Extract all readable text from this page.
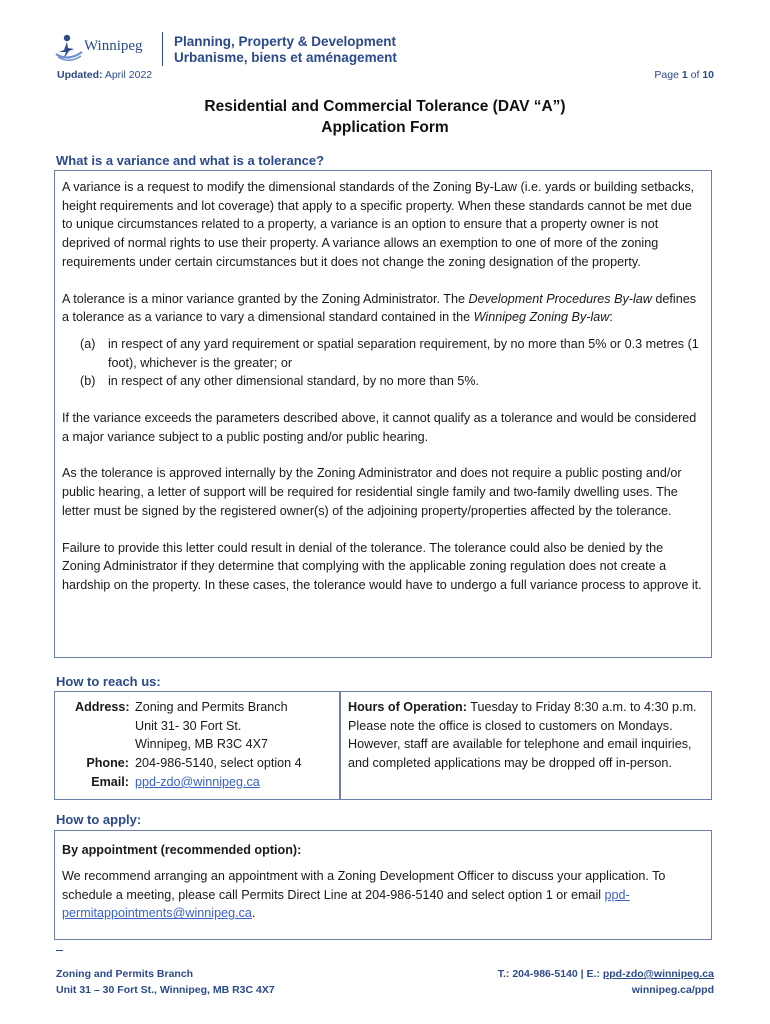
Winnipeg Planning, Property & Development
Urbanisme, biens et aménagement
Updated: April 2022	Page 1 of 10
Residential and Commercial Tolerance (DAV “A”)
Application Form
What is a variance and what is a tolerance?

A variance is a request to modify the dimensional standards of the Zoning By-Law (i.e. yards or building setbacks, height requirements and lot coverage) that apply to a specific property. When these standards cannot be met due to unique circumstances related to a property, a variance is an option to ensure that a property owner is not deprived of normal rights to use their property. A variance allows an exemption to one of more of the zoning requirements under certain circumstances but it does not change the zoning designation of the property.

A tolerance is a minor variance granted by the Zoning Administrator. The Development Procedures By-law defines a tolerance as a variance to vary a dimensional standard contained in the Winnipeg Zoning By-law:

(a) in respect of any yard requirement or spatial separation requirement, by no more than 5% or 0.3 metres (1 foot), whichever is the greater; or
(b) in respect of any other dimensional standard, by no more than 5%.

If the variance exceeds the parameters described above, it cannot qualify as a tolerance and would be considered a major variance subject to a public posting and/or public hearing.

As the tolerance is approved internally by the Zoning Administrator and does not require a public posting and/or public hearing, a letter of support will be required for residential single family and two-family dwelling uses. The letter must be signed by the registered owner(s) of the adjoining property/properties affected by the tolerance.

Failure to provide this letter could result in denial of the tolerance. The tolerance could also be denied by the Zoning Administrator if they determine that complying with the applicable zoning regulation does not create a hardship on the property. In these cases, the tolerance would have to undergo a full variance process to approve it.

How to reach us:
Address: Zoning and Permits Branch
Unit 31- 30 Fort St.
Winnipeg, MB R3C 4X7
Phone: 204-986-5140, select option 4
Email: ppd-zdo@winnipeg.ca
Hours of Operation: Tuesday to Friday 8:30 a.m. to 4:30 p.m. Please note the office is closed to customers on Mondays. However, staff are available for telephone and email inquiries, and completed applications may be dropped off in-person.
How to apply:
By appointment (recommended option):

We recommend arranging an appointment with a Zoning Development Officer to discuss your application. To schedule a meeting, please call Permits Direct Line at 204-986-5140 and select option 1 or email ppd- permitappointments@winnipeg.ca.

Zoning and Permits Branch
Unit 31 – 30 Fort St., Winnipeg, MB R3C 4X7
T.: 204-986-5140 | E.: ppd-zdo@winnipeg.ca
winnipeg.ca/ppd
